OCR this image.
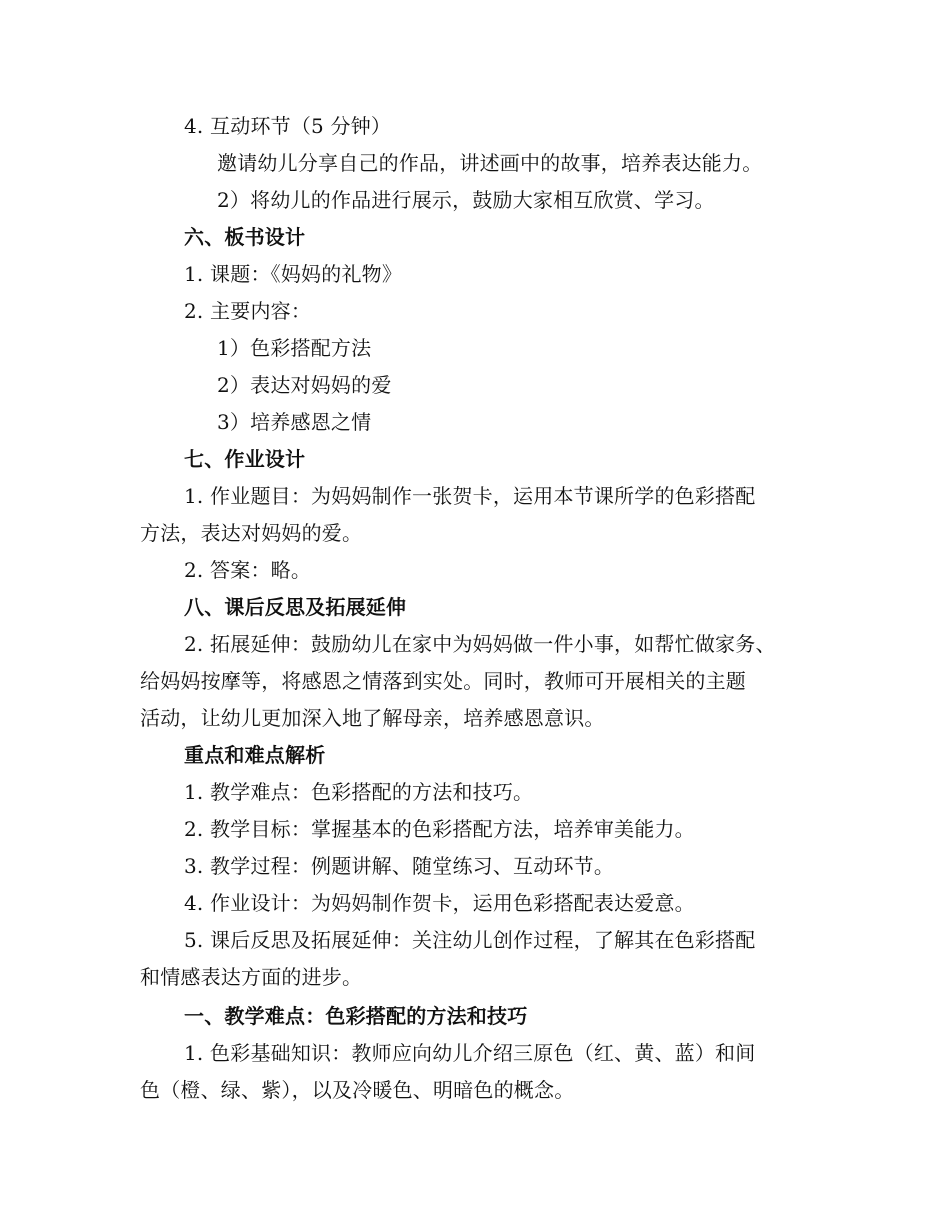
4. 互动环节（5 分钟）
邀请幼儿分享自己的作品，讲述画中的故事，培养表达能力。
2）将幼儿的作品进行展示，鼓励大家相互欣赏、学习。
六、板书设计
1. 课题：《妈妈的礼物》
2. 主要内容：
1）色彩搭配方法
2）表达对妈妈的爱
3）培养感恩之情
七、作业设计
1. 作业题目：为妈妈制作一张贺卡，运用本节课所学的色彩搭配
方法，表达对妈妈的爱。
2. 答案：略。
八、课后反思及拓展延伸
2. 拓展延伸：鼓励幼儿在家中为妈妈做一件小事，如帮忙做家务、
给妈妈按摩等，将感恩之情落到实处。同时，教师可开展相关的主题
活动，让幼儿更加深入地了解母亲，培养感恩意识。
重点和难点解析
1. 教学难点：色彩搭配的方法和技巧。
2. 教学目标：掌握基本的色彩搭配方法，培养审美能力。
3. 教学过程：例题讲解、随堂练习、互动环节。
4. 作业设计：为妈妈制作贺卡，运用色彩搭配表达爱意。
5. 课后反思及拓展延伸：关注幼儿创作过程，了解其在色彩搭配
和情感表达方面的进步。
一、教学难点：色彩搭配的方法和技巧
1. 色彩基础知识：教师应向幼儿介绍三原色（红、黄、蓝）和间
色（橙、绿、紫），以及冷暖色、明暗色的概念。
